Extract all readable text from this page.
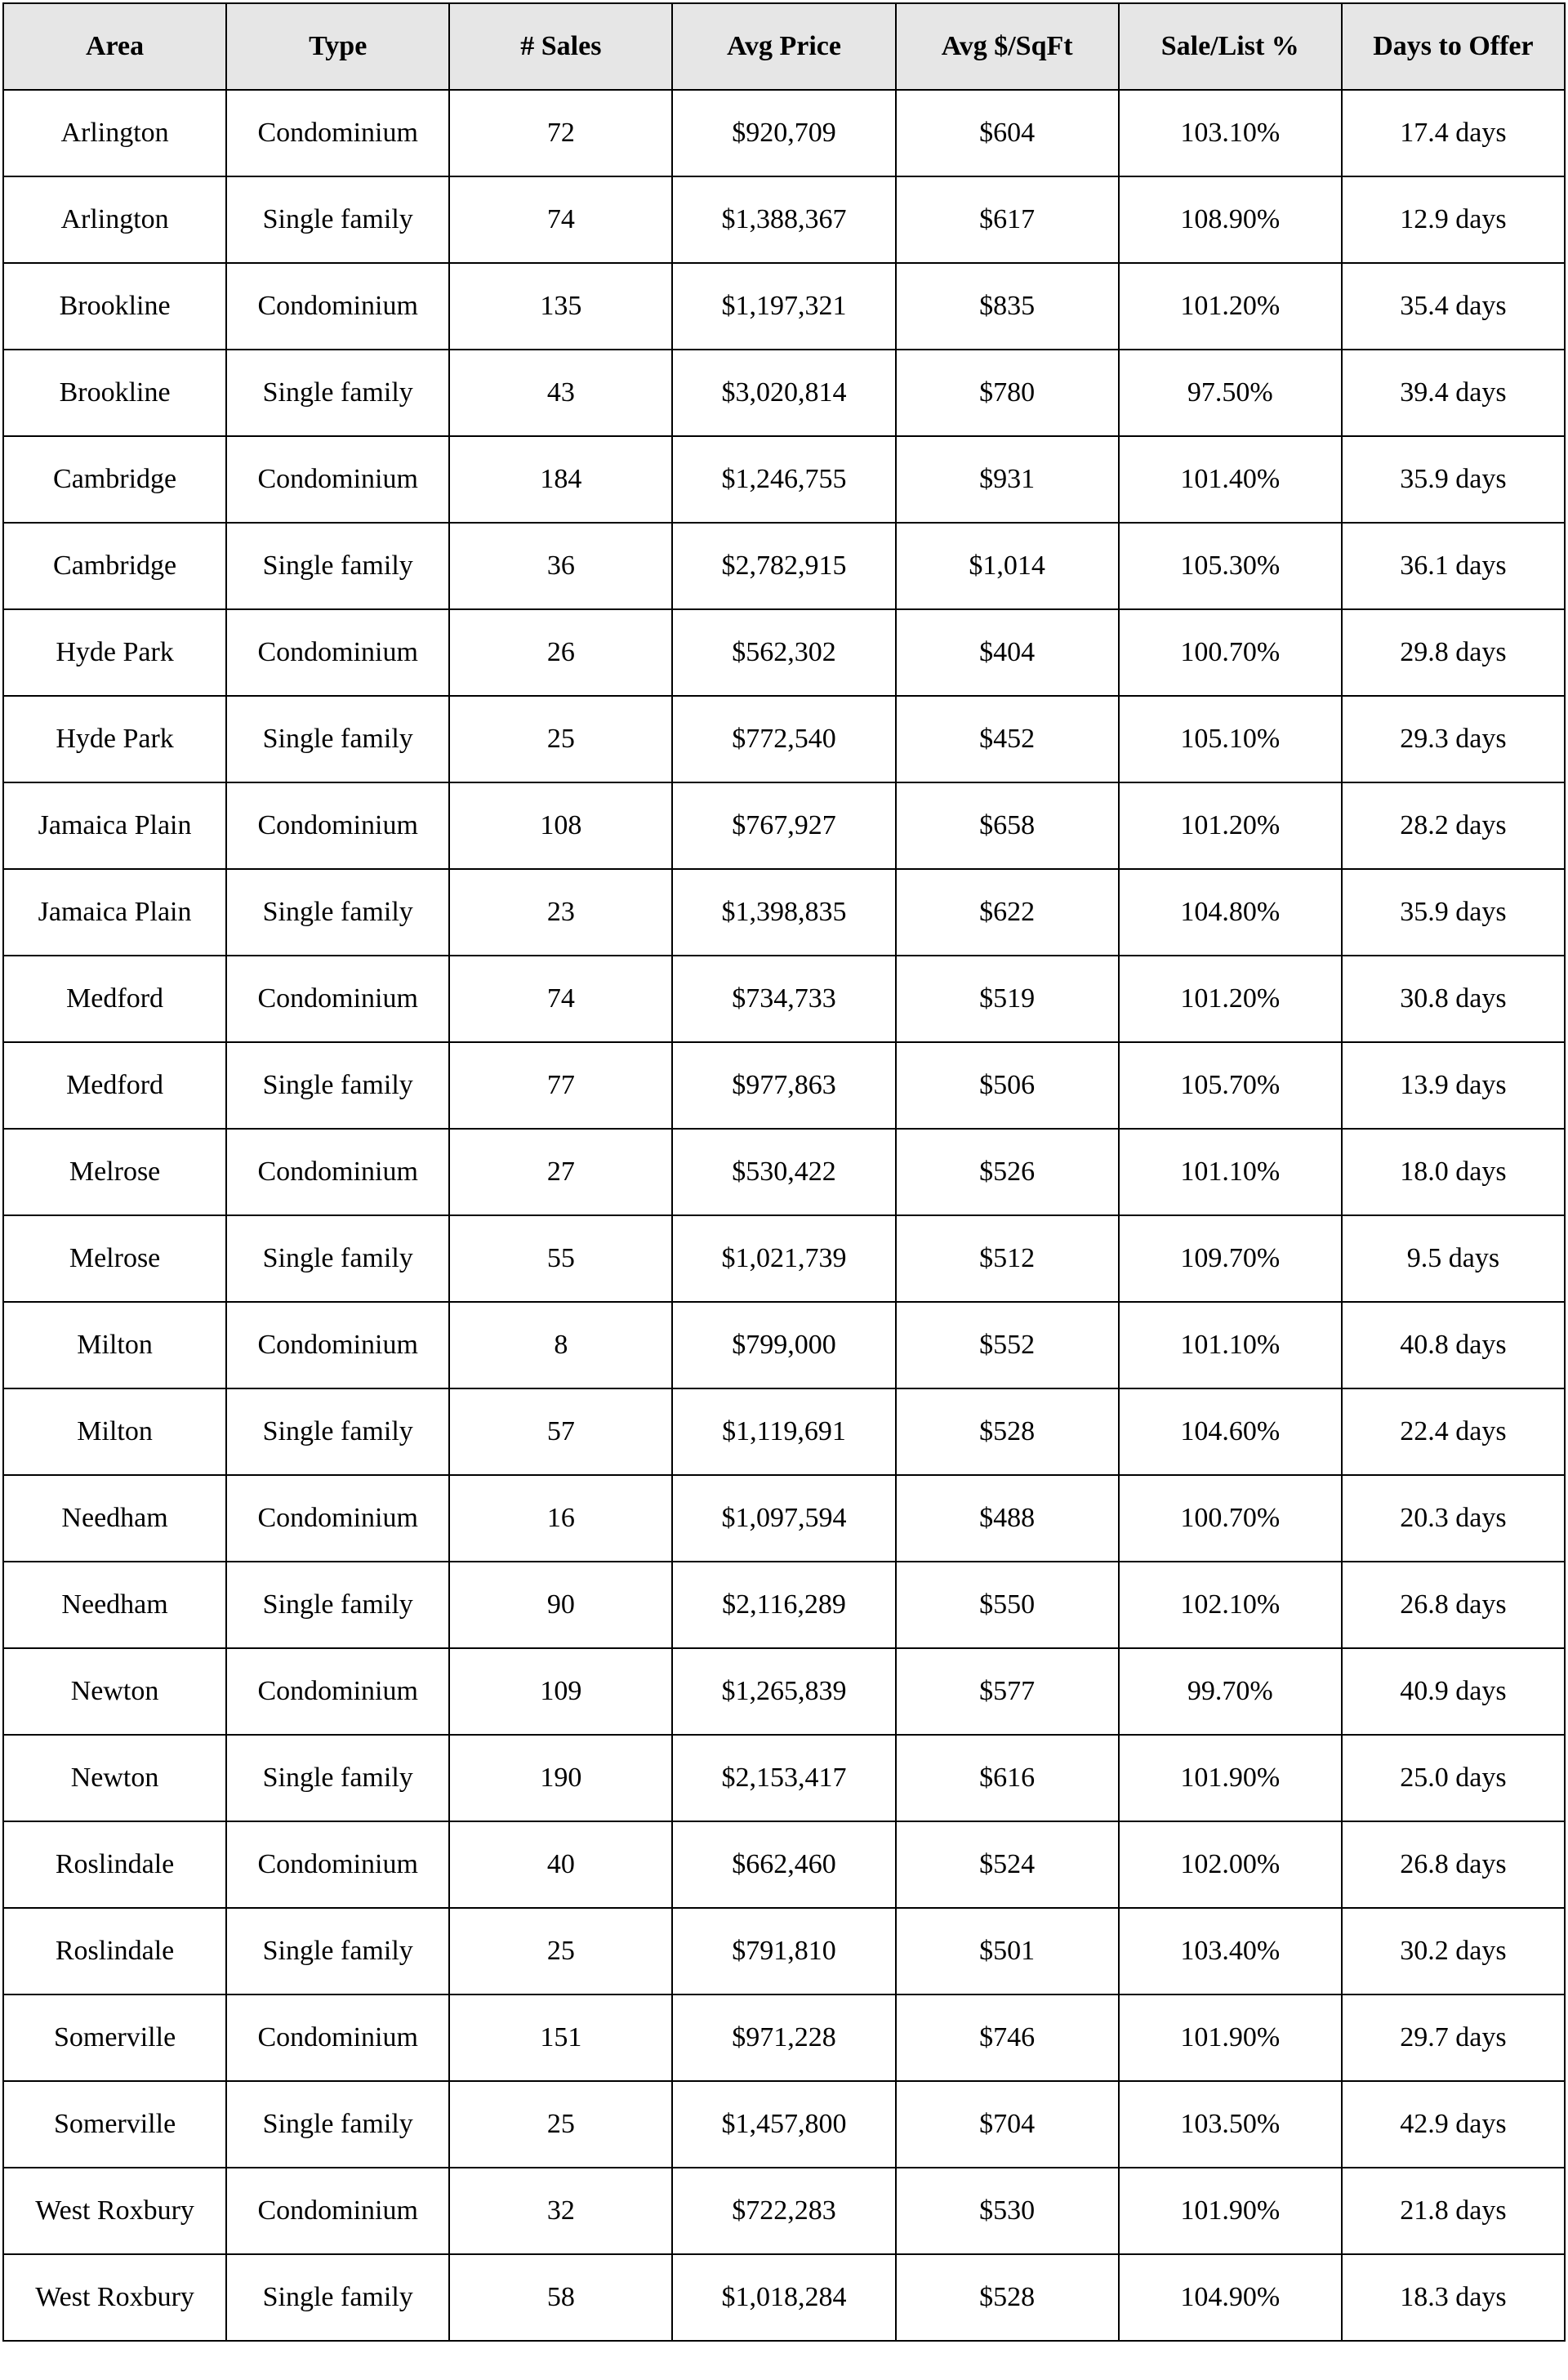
Area	Type	# Sales	Avg Price	Avg $/SqFt	Sale/List %	Days to Offer
Arlington	Condominium	72	$920,709	$604	103.10%	17.4 days
Arlington	Single family	74	$1,388,367	$617	108.90%	12.9 days
Brookline	Condominium	135	$1,197,321	$835	101.20%	35.4 days
Brookline	Single family	43	$3,020,814	$780	97.50%	39.4 days
Cambridge	Condominium	184	$1,246,755	$931	101.40%	35.9 days
Cambridge	Single family	36	$2,782,915	$1,014	105.30%	36.1 days
Hyde Park	Condominium	26	$562,302	$404	100.70%	29.8 days
Hyde Park	Single family	25	$772,540	$452	105.10%	29.3 days
Jamaica Plain	Condominium	108	$767,927	$658	101.20%	28.2 days
Jamaica Plain	Single family	23	$1,398,835	$622	104.80%	35.9 days
Medford	Condominium	74	$734,733	$519	101.20%	30.8 days
Medford	Single family	77	$977,863	$506	105.70%	13.9 days
Melrose	Condominium	27	$530,422	$526	101.10%	18.0 days
Melrose	Single family	55	$1,021,739	$512	109.70%	9.5 days
Milton	Condominium	8	$799,000	$552	101.10%	40.8 days
Milton	Single family	57	$1,119,691	$528	104.60%	22.4 days
Needham	Condominium	16	$1,097,594	$488	100.70%	20.3 days
Needham	Single family	90	$2,116,289	$550	102.10%	26.8 days
Newton	Condominium	109	$1,265,839	$577	99.70%	40.9 days
Newton	Single family	190	$2,153,417	$616	101.90%	25.0 days
Roslindale	Condominium	40	$662,460	$524	102.00%	26.8 days
Roslindale	Single family	25	$791,810	$501	103.40%	30.2 days
Somerville	Condominium	151	$971,228	$746	101.90%	29.7 days
Somerville	Single family	25	$1,457,800	$704	103.50%	42.9 days
West Roxbury	Condominium	32	$722,283	$530	101.90%	21.8 days
West Roxbury	Single family	58	$1,018,284	$528	104.90%	18.3 days
